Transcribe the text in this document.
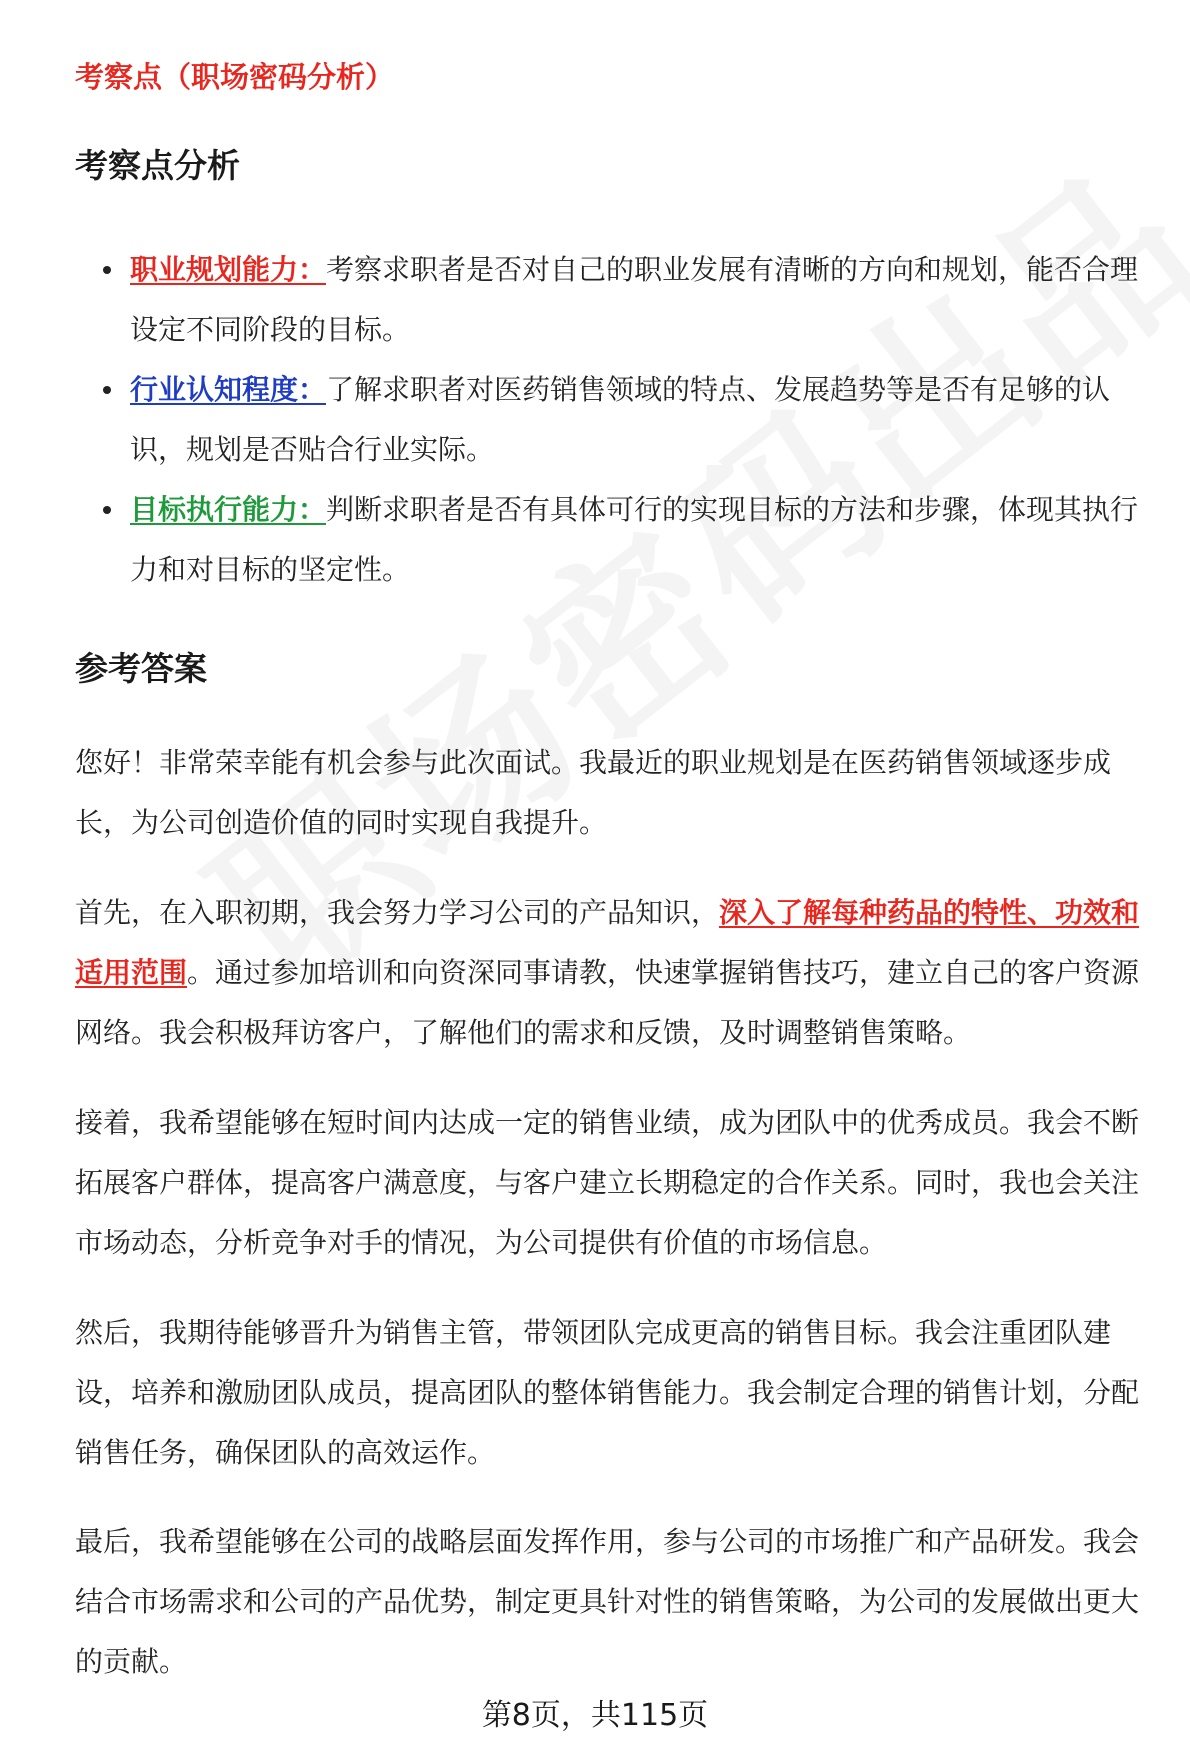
考察点（职场密码分析）
考察点分析
职业规划能力：考察求职者是否对自己的职业发展有清晰的方向和规划，能否合理设定不同阶段的目标。
行业认知程度：了解求职者对医药销售领域的特点、发展趋势等是否有足够的认识，规划是否贴合行业实际。
目标执行能力：判断求职者是否有具体可行的实现目标的方法和步骤，体现其执行力和对目标的坚定性。
参考答案

您好！非常荣幸能有机会参与此次面试。我最近的职业规划是在医药销售领域逐步成长，为公司创造价值的同时实现自我提升。

首先，在入职初期，我会努力学习公司的产品知识，深入了解每种药品的特性、功效和适用范围。通过参加培训和向资深同事请教，快速掌握销售技巧，建立自己的客户资源网络。我会积极拜访客户，了解他们的需求和反馈，及时调整销售策略。

接着，我希望能够在短时间内达成一定的销售业绩，成为团队中的优秀成员。我会不断拓展客户群体，提高客户满意度，与客户建立长期稳定的合作关系。同时，我也会关注市场动态，分析竞争对手的情况，为公司提供有价值的市场信息。

然后，我期待能够晋升为销售主管，带领团队完成更高的销售目标。我会注重团队建设，培养和激励团队成员，提高团队的整体销售能力。我会制定合理的销售计划，分配销售任务，确保团队的高效运作。

最后，我希望能够在公司的战略层面发挥作用，参与公司的市场推广和产品研发。我会结合市场需求和公司的产品优势，制定更具针对性的销售策略，为公司的发展做出更大的贡献。

第8页，共115页
